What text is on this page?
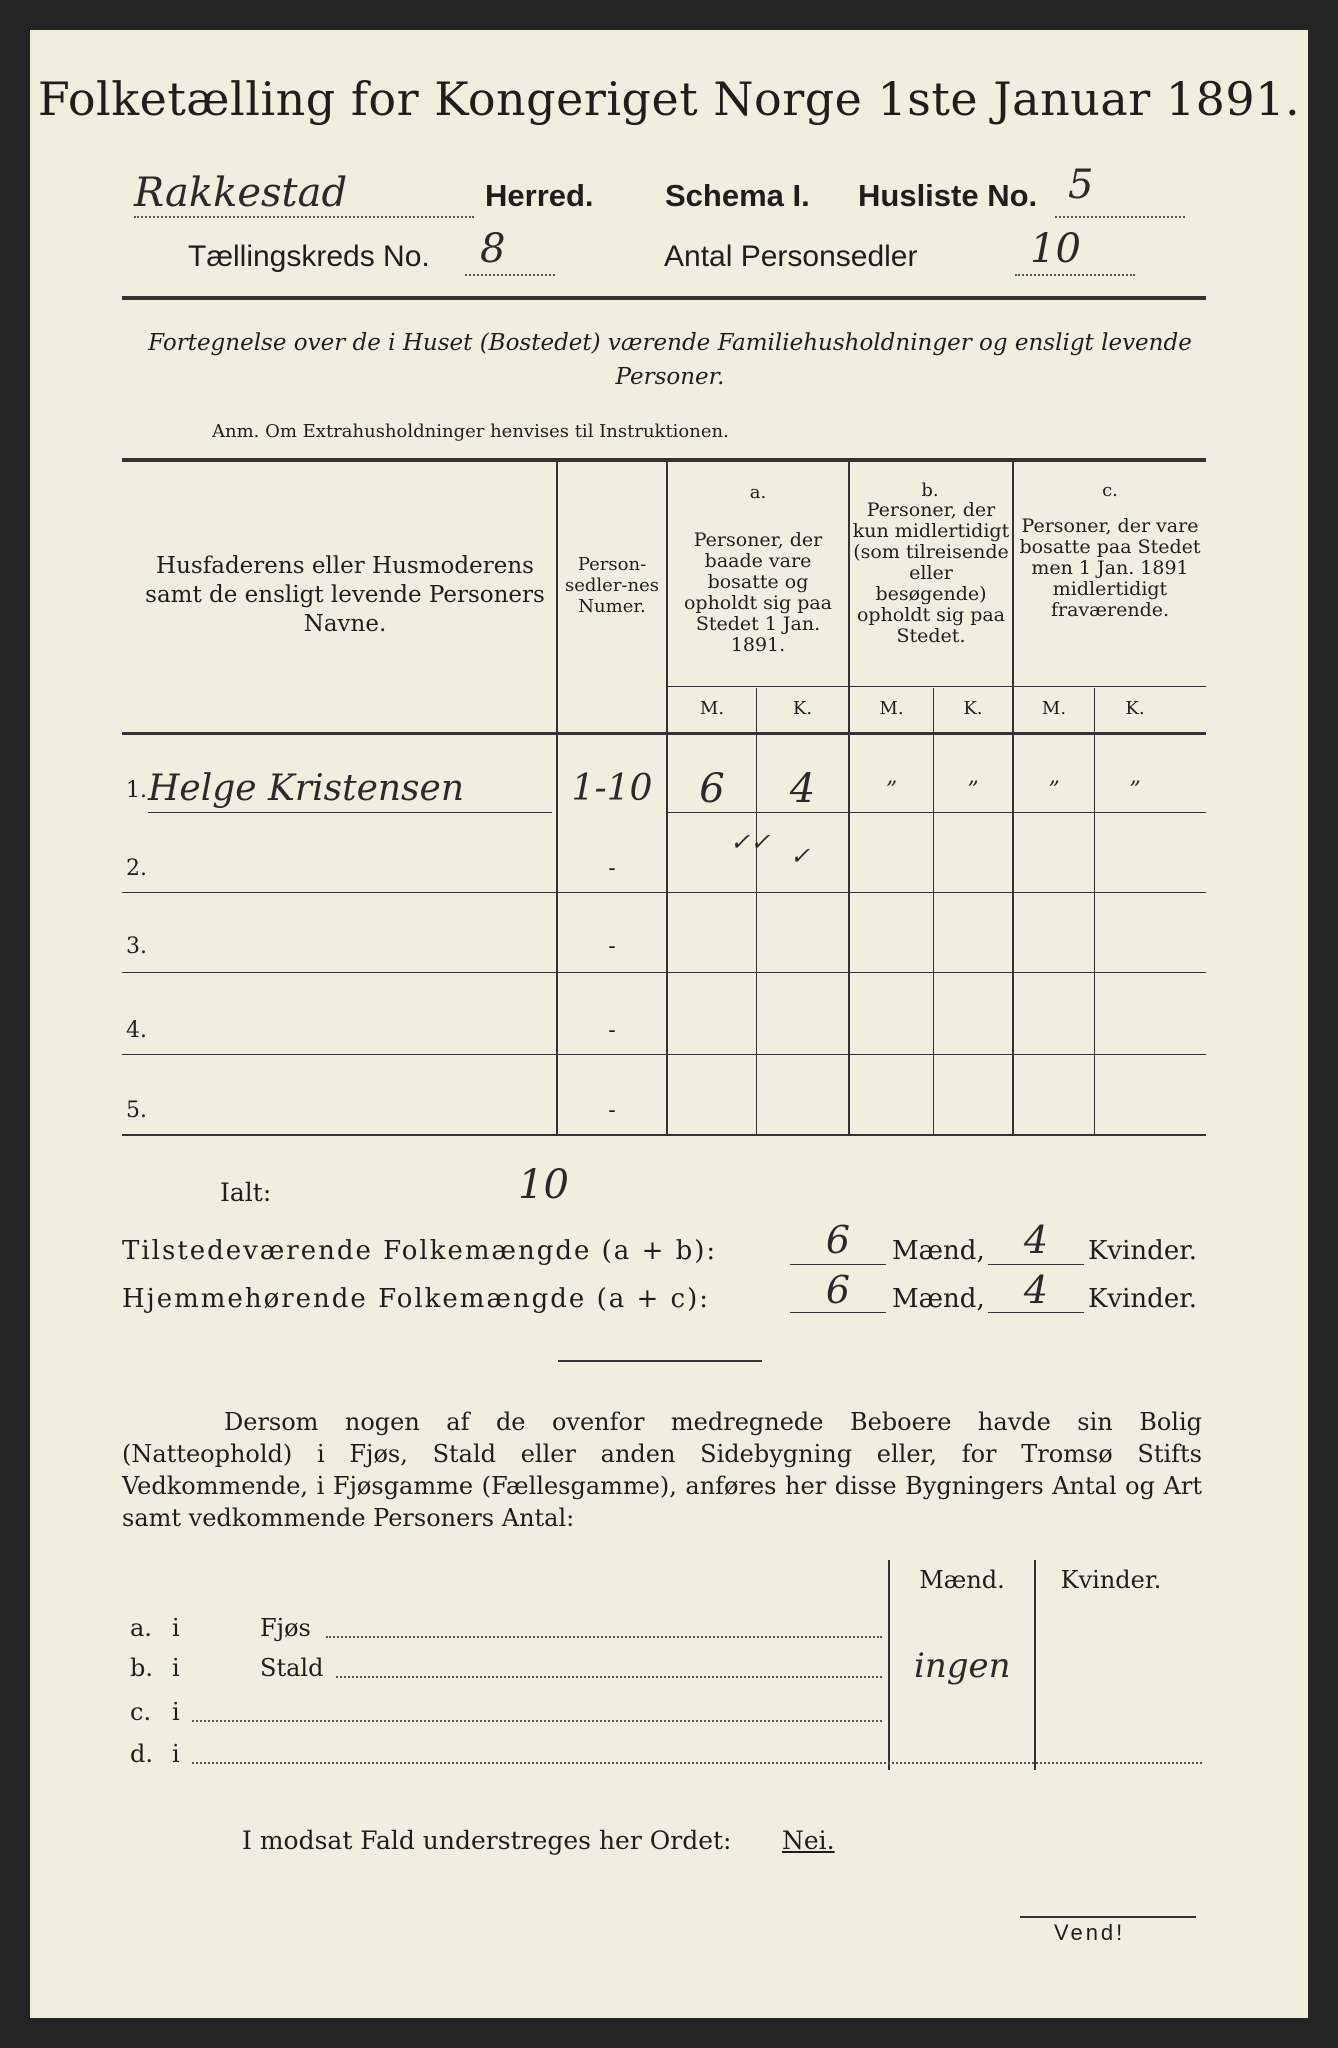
Folketælling for Kongeriget Norge 1ste Januar 1891.
Rakkestad	Herred. Schema I. Husliste No. 5
Tællingskreds No. 8	Antal Personsedler	10
Fortegnelse over de i Huset (Bostedet) værende Familiehusholdninger og ensligt levende Personer.
Anm. Om Extrahusholdninger henvises til Instruktionen.
Husfaderens eller Husmoderens samt de ensligt levende Personers Navne.
Person-sedler-nes Numer.
a.
Personer, der baade vare bosatte og opholdt sig paa Stedet 1 Jan. 1891.
b.
Personer, der kun midlertidigt (som tilreisende eller besøgende) opholdt sig paa Stedet.
c.
Personer, der vare bosatte paa Stedet men 1 Jan. 1891 midlertidigt fraværende.
M.	K.	M.	K.	M.	K.
1. Helge Kristensen	1-10	6	4	”	”	”	”
✓✓ ✓
2.	-
3.	-
4.	-
5.	-
Ialt:	10
Tilstedeværende Folkemængde (a + b):	6	Mænd,	4	Kvinder.
Hjemmehørende Folkemængde (a + c):	6	Mænd,	4	Kvinder.
Dersom nogen af de ovenfor medregnede Beboere havde sin Bolig (Natteophold) i Fjøs, Stald eller anden Sidebygning eller, for Tromsø Stifts Vedkommende, i Fjøsgamme (Fællesgamme), anføres her disse Bygningers Antal og Art samt vedkommende Personers Antal:
Mænd.	Kvinder.
a. i	Fjøs
b. i	Stald
c. i
d. i
ingen
I modsat Fald understreges her Ordet: Nei.
Vend!
